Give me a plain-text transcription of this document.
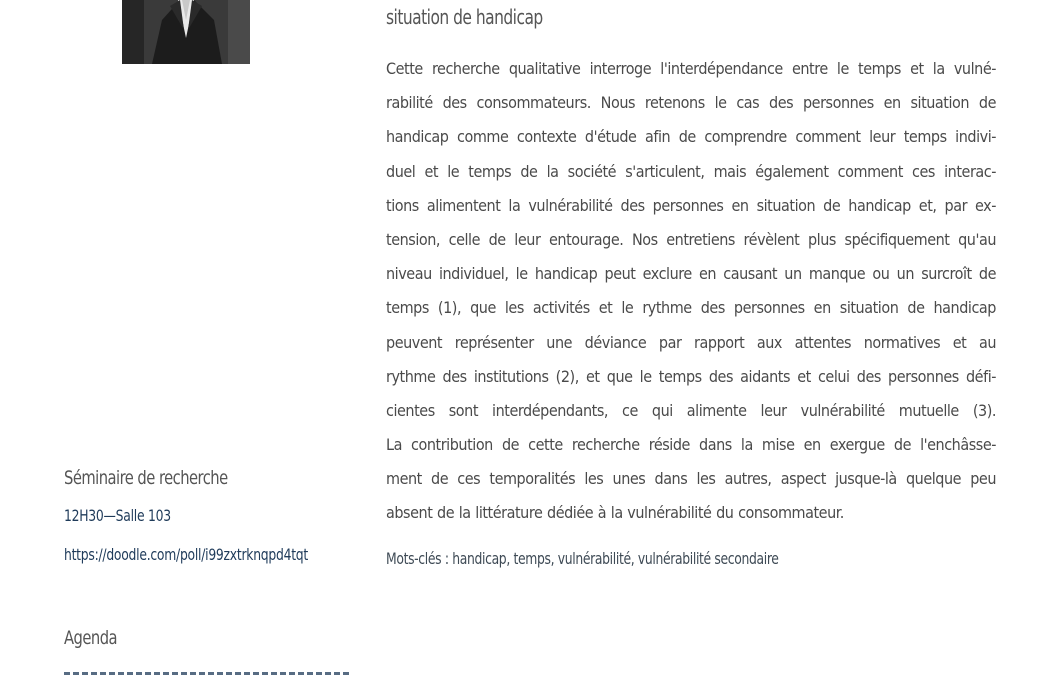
Séminaire de recherche
12H30—Salle 103
https://doodle.com/poll/i99zxtrknqpd4tqt
Agenda
situation de handicap
Cette recherche qualitative interroge l'interdépendance entre le temps et la vulné-
rabilité des consommateurs. Nous retenons le cas des personnes en situation de
handicap comme contexte d'étude afin de comprendre comment leur temps indivi-
duel et le temps de la société s'articulent, mais également comment ces interac-
tions alimentent la vulnérabilité des personnes en situation de handicap et, par ex-
tension, celle de leur entourage. Nos entretiens révèlent plus spécifiquement qu'au
niveau individuel, le handicap peut exclure en causant un manque ou un surcroît de
temps (1), que les activités et le rythme des personnes en situation de handicap
peuvent représenter une déviance par rapport aux attentes normatives et au
rythme des institutions (2), et que le temps des aidants et celui des personnes défi-
cientes sont interdépendants, ce qui alimente leur vulnérabilité mutuelle (3).
La contribution de cette recherche réside dans la mise en exergue de l'enchâsse-
ment de ces temporalités les unes dans les autres, aspect jusque-là quelque peu
absent de la littérature dédiée à la vulnérabilité du consommateur.
Mots-clés : handicap, temps, vulnérabilité, vulnérabilité secondaire
